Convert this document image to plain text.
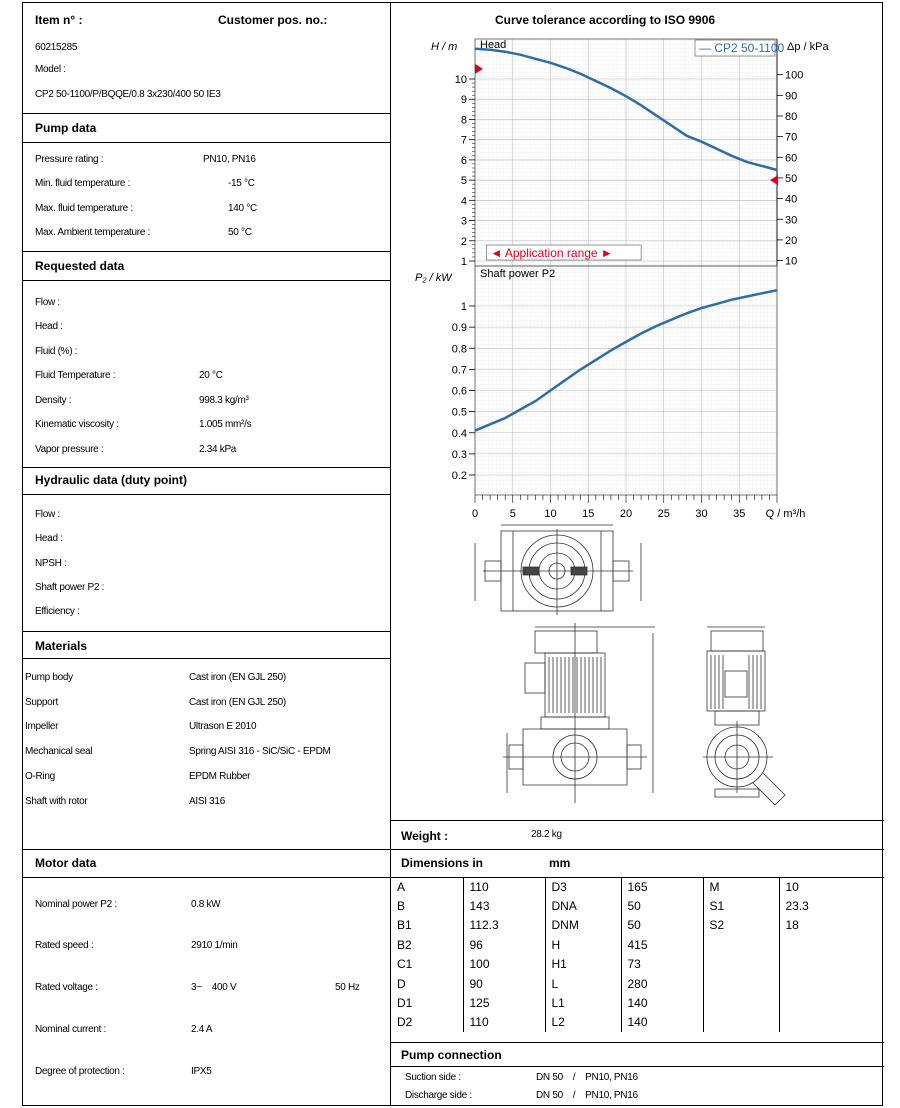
Item n° :	Customer pos. no.:
60215285
Model :
CP2 50-1100/P/BQQE/0.8 3x230/400 50 IE3
Pump data
Pressure rating :	PN10, PN16
Min. fluid temperature :	-15 °C
Max. fluid temperature :	140 °C
Max. Ambient temperature :	50 °C
Requested data
Flow :
Head :
Fluid (%) :
Fluid Temperature :	20 °C
Density :	998.3 kg/m³
Kinematic viscosity :	1.005 mm²/s
Vapor pressure :	2.34 kPa
Hydraulic data (duty point)
Flow :
Head :
NPSH :
Shaft power P2 :
Efficiency :
Materials
Pump body	Cast iron (EN GJL 250)
Support	Cast iron (EN GJL 250)
Impeller	Ultrason E 2010
Mechanical seal	Spring AISI 316 - SiC/SiC - EPDM
O-Ring	EPDM Rubber
Shaft with rotor	AISI 316
Motor data
Nominal power P2 :	0.8 kW
Rated speed :	2910 1/min
Rated voltage :	3~    400 V	50 Hz
Nominal current :	2.4 A
Degree of protection :	IPX5
Curve tolerance according to ISO 9906
1
2
3
4
5
6
7
8
9
10
10
20
30
40
50
60
70
80
90
100
H / m	Δp / kPa
Head	— CP2 50-1100
◄ Application range ►
0.2
0.3
0.4
0.5
0.6
0.7
0.8
0.9
1
P₂ / kW	Shaft power P2
0	5	10 15 20 25 30 35 Q / m³/h
Weight :	28.2 kg
Dimensions in	mm
A	110	D3	165	M	10
B	143	DNA	50	S1	23.3
B1	112.3	DNM	50	S2	18
B2	96	H	415		
C1	100	H1	73		
D	90	L	280		
D1	125	L1	140		
D2	110	L2	140		
Pump connection
Suction side :	DN 50    /    PN10, PN16
Discharge side :	DN 50    /    PN10, PN16
